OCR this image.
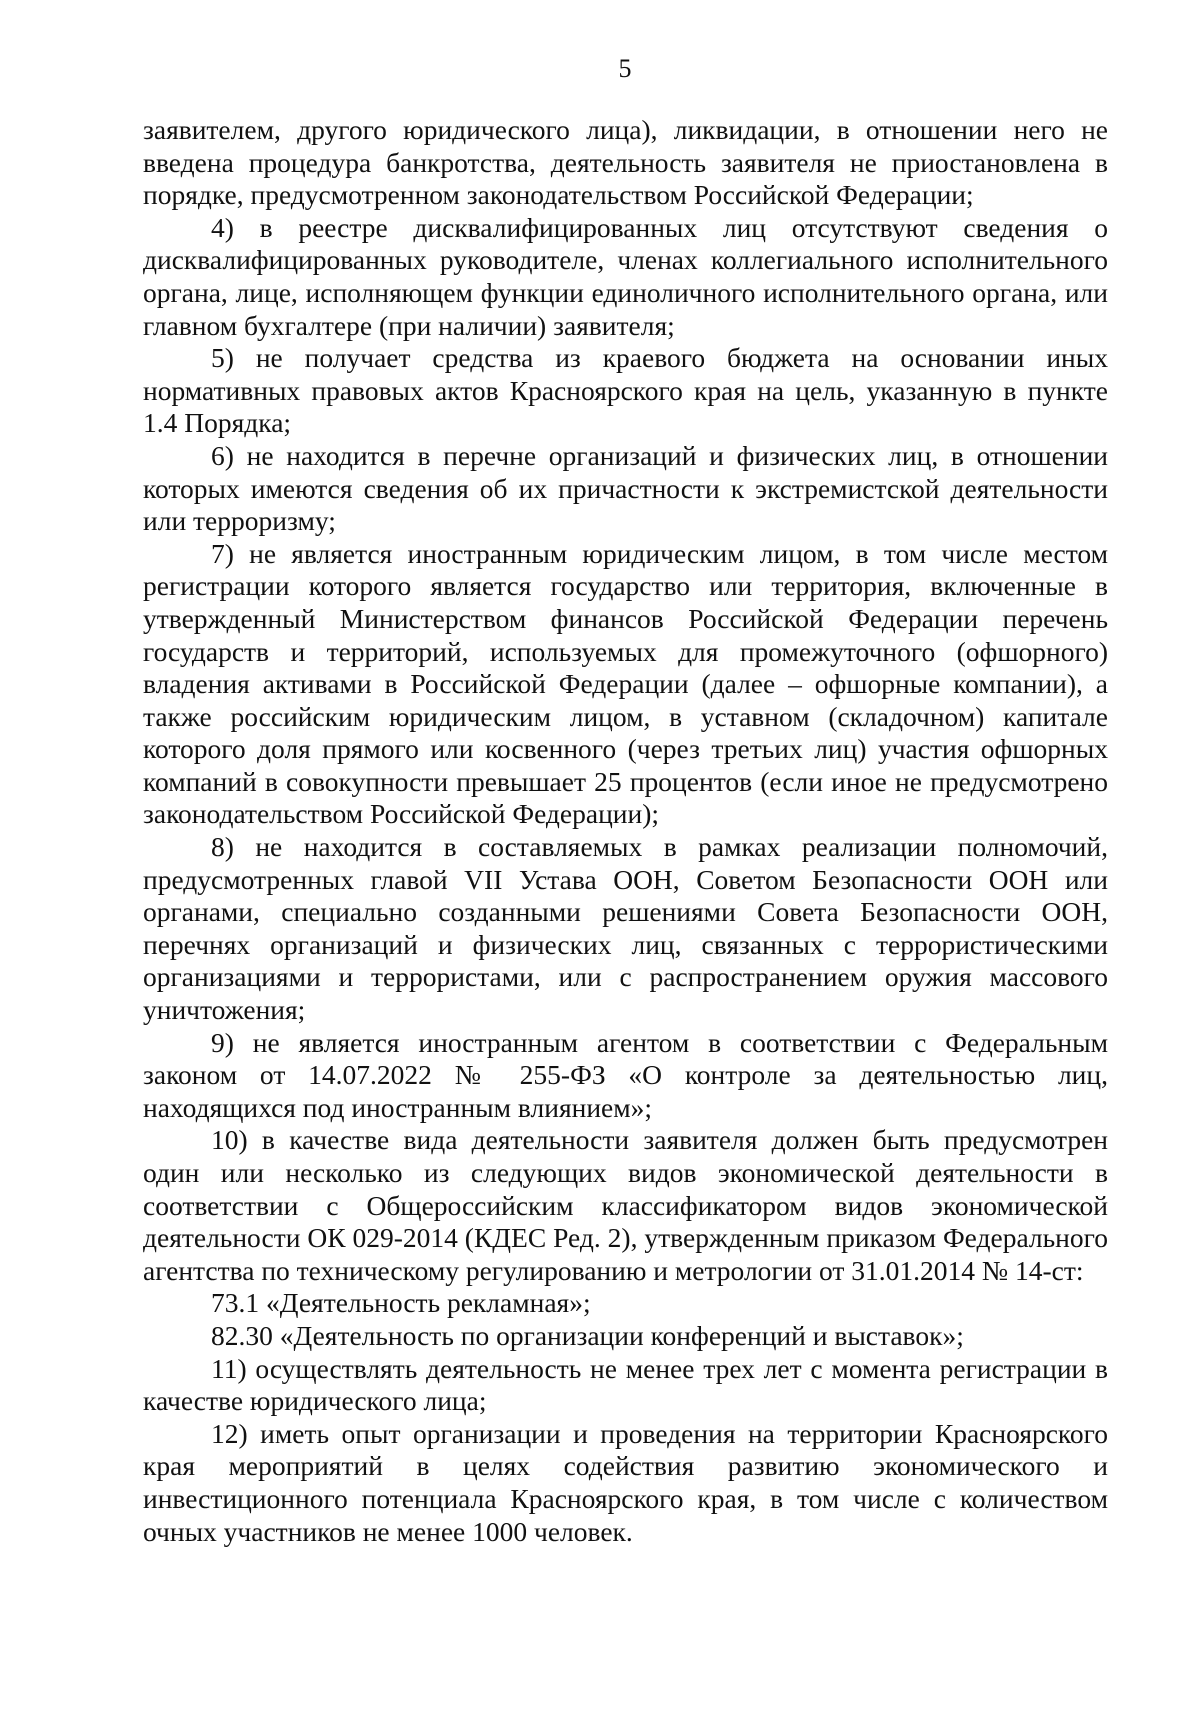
5

заявителем, другого юридического лица), ликвидации, в отношении него не введена процедура банкротства, деятельность заявителя не приостановлена в порядке, предусмотренном законодательством Российской Федерации;

4) в реестре дисквалифицированных лиц отсутствуют сведения о дисквалифицированных руководителе, членах коллегиального исполнительного органа, лице, исполняющем функции единоличного исполнительного органа, или главном бухгалтере (при наличии) заявителя;

5) не получает средства из краевого бюджета на основании иных нормативных правовых актов Красноярского края на цель, указанную в пункте 1.4 Порядка;

6) не находится в перечне организаций и физических лиц, в отношении которых имеются сведения об их причастности к экстремистской деятельности или терроризму;

7) не является иностранным юридическим лицом, в том числе местом регистрации которого является государство или территория, включенные в утвержденный Министерством финансов Российской Федерации перечень государств и территорий, используемых для промежуточного (офшорного) владения активами в Российской Федерации (далее – офшорные компании), а также российским юридическим лицом, в уставном (складочном) капитале которого доля прямого или косвенного (через третьих лиц) участия офшорных компаний в совокупности превышает 25 процентов (если иное не предусмотрено законодательством Российской Федерации);

8) не находится в составляемых в рамках реализации полномочий, предусмотренных главой VII Устава ООН, Советом Безопасности ООН или органами, специально созданными решениями Совета Безопасности ООН, перечнях организаций и физических лиц, связанных с террористическими организациями и террористами, или с распространением оружия массового уничтожения;

9) не является иностранным агентом в соответствии с Федеральным законом от 14.07.2022 № 255-ФЗ «О контроле за деятельностью лиц, находящихся под иностранным влиянием»;

10) в качестве вида деятельности заявителя должен быть предусмотрен один или несколько из следующих видов экономической деятельности в соответствии с Общероссийским классификатором видов экономической деятельности ОК 029-2014 (КДЕС Ред. 2), утвержденным приказом Федерального агентства по техническому регулированию и метрологии от 31.01.2014 № 14-ст:

73.1 «Деятельность рекламная»;

82.30 «Деятельность по организации конференций и выставок»;

11) осуществлять деятельность не менее трех лет с момента регистрации в качестве юридического лица;

12) иметь опыт организации и проведения на территории Красноярского края мероприятий в целях содействия развитию экономического и инвестиционного потенциала Красноярского края, в том числе с количеством очных участников не менее 1000 человек.
